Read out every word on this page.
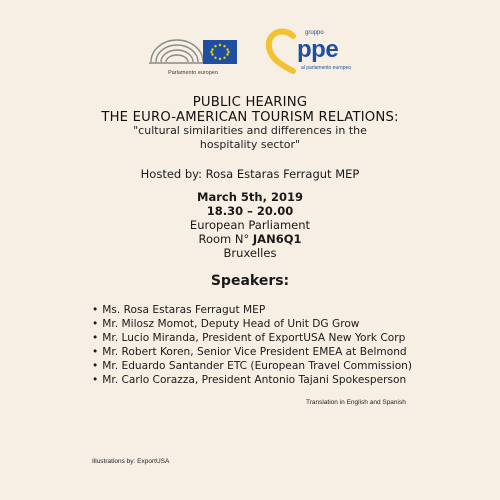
Parlamento europeo
gruppo
ppe
al parlamento europeo
PUBLIC HEARING
THE EURO-AMERICAN TOURISM RELATIONS:
"cultural similarities and differences in the hospitality sector"
Hosted by: Rosa Estaras Ferragut MEP
March 5th, 2019
18.30 – 20.00
European Parliament
Room N° JAN6Q1
Bruxelles
Speakers:
• Ms. Rosa Estaras Ferragut MEP
• Mr. Milosz Momot, Deputy Head of Unit DG Grow
• Mr. Lucio Miranda, President of ExportUSA New York Corp
• Mr. Robert Koren, Senior Vice President EMEA at Belmond
• Mr. Eduardo Santander ETC (European Travel Commission)
• Mr. Carlo Corazza, President Antonio Tajani Spokesperson
Translation in English and Spanish
Illustrations by: ExportUSA
